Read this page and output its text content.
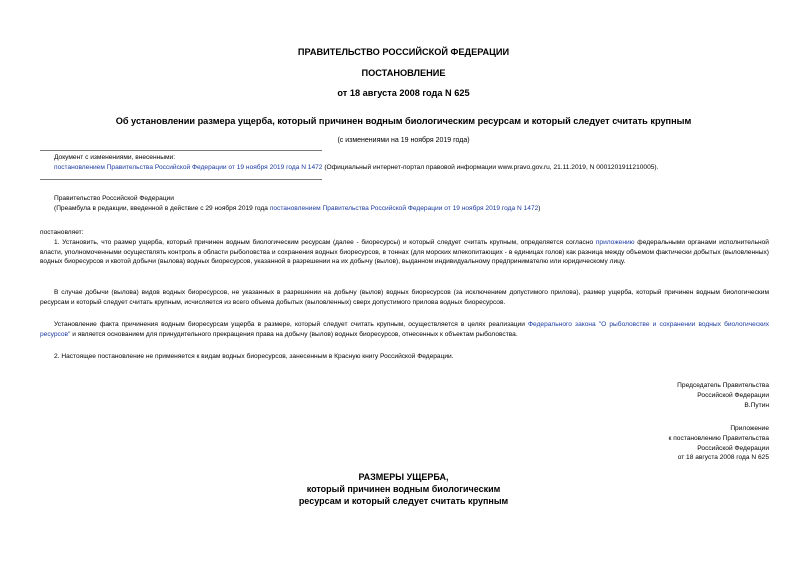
ПРАВИТЕЛЬСТВО РОССИЙСКОЙ ФЕДЕРАЦИИ
ПОСТАНОВЛЕНИЕ
от 18 августа 2008 года N 625
Об установлении размера ущерба, который причинен водным биологическим ресурсам и который следует считать крупным
(с изменениями на 19 ноября 2019 года)
Документ с изменениями, внесенными:
постановлением Правительства Российской Федерации от 19 ноября 2019 года N 1472 (Официальный интернет-портал правовой информации www.pravo.gov.ru, 21.11.2019, N 0001201911210005).
Правительство Российской Федерации
(Преамбула в редакции, введенной в действие с 29 ноября 2019 года постановлением Правительства Российской Федерации от 19 ноября 2019 года N 1472)
постановляет:
1. Установить, что размер ущерба, который причинен водным биологическим ресурсам (далее - биоресурсы) и который следует считать крупным, определяется согласно приложению федеральными органами исполнительной власти, уполномоченными осуществлять контроль в области рыболовства и сохранения водных биоресурсов, в тоннах (для морских млекопитающих - в единицах голов) как разница между объемом фактически добытых (выловленных) водных биоресурсов и квотой добычи (вылова) водных биоресурсов, указанной в разрешении на их добычу (вылов), выданном индивидуальному предпринимателю или юридическому лицу.
В случае добычи (вылова) видов водных биоресурсов, не указанных в разрешении на добычу (вылов) водных биоресурсов (за исключением допустимого прилова), размер ущерба, который причинен водным биологическим ресурсам и который следует считать крупным, исчисляется из всего объема добытых (выловленных) сверх допустимого прилова водных биоресурсов.
Установление факта причинения водным биоресурсам ущерба в размере, который следует считать крупным, осуществляется в целях реализации Федерального закона "О рыболовстве и сохранении водных биологических ресурсов" и является основанием для принудительного прекращения права на добычу (вылов) водных биоресурсов, отнесенных к объектам рыболовства.
2. Настоящее постановление не применяется к видам водных биоресурсов, занесенным в Красную книгу Российской Федерации.
Председатель Правительства
Российской Федерации
В.Путин
Приложение
к постановлению Правительства
Российской Федерации
от 18 августа 2008 года N 625
РАЗМЕРЫ УЩЕРБА,
который причинен водным биологическим
ресурсам и который следует считать крупным
